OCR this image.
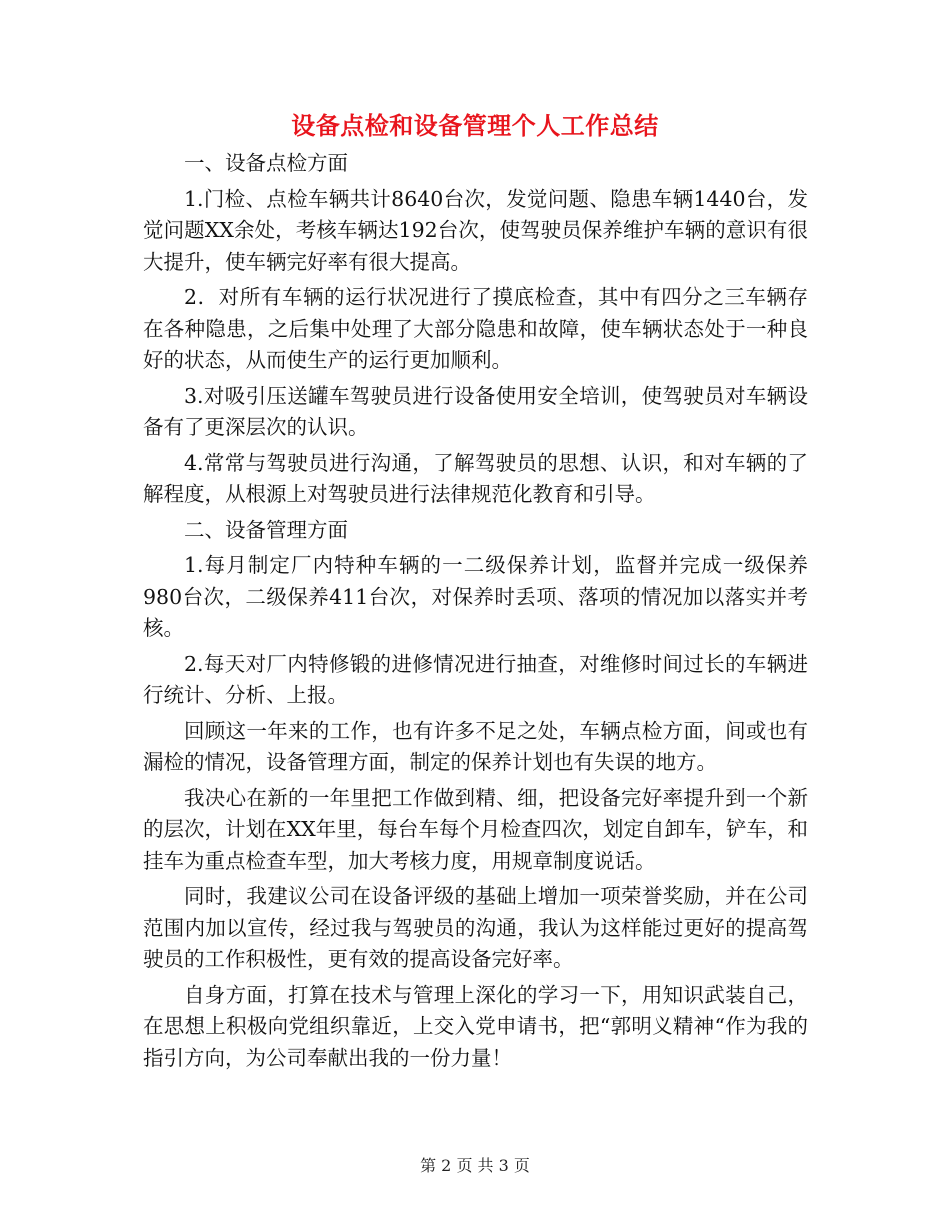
设备点检和设备管理个人工作总结

一、设备点检方面

1.门检、点检车辆共计8640台次，发觉问题、隐患车辆1440台，发觉问题XX余处，考核车辆达192台次，使驾驶员保养维护车辆的意识有很大提升，使车辆完好率有很大提高。

2．对所有车辆的运行状况进行了摸底检查，其中有四分之三车辆存在各种隐患，之后集中处理了大部分隐患和故障，使车辆状态处于一种良好的状态，从而使生产的运行更加顺利。

3.对吸引压送罐车驾驶员进行设备使用安全培训，使驾驶员对车辆设备有了更深层次的认识。

4.常常与驾驶员进行沟通，了解驾驶员的思想、认识，和对车辆的了解程度，从根源上对驾驶员进行法律规范化教育和引导。

二、设备管理方面

1.每月制定厂内特种车辆的一二级保养计划，监督并完成一级保养980台次，二级保养411台次，对保养时丢项、落项的情况加以落实并考核。

2.每天对厂内特修锻的进修情况进行抽查，对维修时间过长的车辆进行统计、分析、上报。

回顾这一年来的工作，也有许多不足之处，车辆点检方面，间或也有漏检的情况，设备管理方面，制定的保养计划也有失误的地方。

我决心在新的一年里把工作做到精、细，把设备完好率提升到一个新的层次，计划在XX年里，每台车每个月检查四次，划定自卸车，铲车，和挂车为重点检查车型，加大考核力度，用规章制度说话。

同时，我建议公司在设备评级的基础上增加一项荣誉奖励，并在公司范围内加以宣传，经过我与驾驶员的沟通，我认为这样能过更好的提高驾驶员的工作积极性，更有效的提高设备完好率。

自身方面，打算在技术与管理上深化的学习一下，用知识武装自己，在思想上积极向党组织靠近，上交入党申请书，把“郭明义精神“作为我的指引方向，为公司奉献出我的一份力量！

第 2 页 共 3 页
